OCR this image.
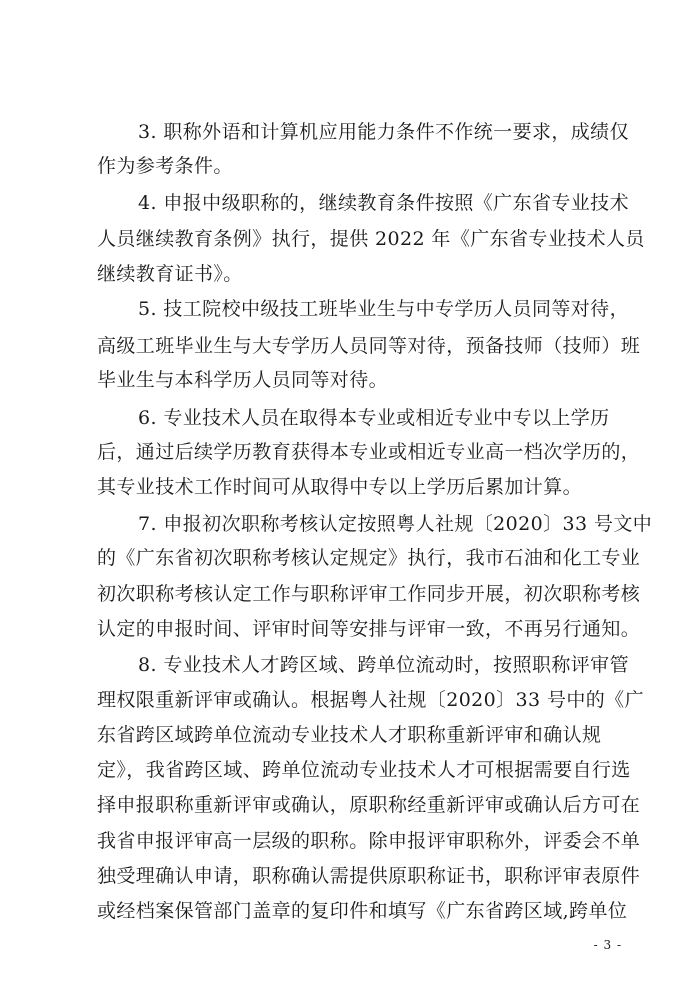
3. 职称外语和计算机应用能力条件不作统一要求，成绩仅
作为参考条件。
4. 申报中级职称的，继续教育条件按照《广东省专业技术
人员继续教育条例》执行，提供 2022 年《广东省专业技术人员
继续教育证书》。
5. 技工院校中级技工班毕业生与中专学历人员同等对待，
高级工班毕业生与大专学历人员同等对待，预备技师（技师）班
毕业生与本科学历人员同等对待。
6. 专业技术人员在取得本专业或相近专业中专以上学历
后，通过后续学历教育获得本专业或相近专业高一档次学历的，
其专业技术工作时间可从取得中专以上学历后累加计算。
7. 申报初次职称考核认定按照粤人社规〔2020〕33 号文中
的《广东省初次职称考核认定规定》执行，我市石油和化工专业
初次职称考核认定工作与职称评审工作同步开展，初次职称考核
认定的申报时间、评审时间等安排与评审一致，不再另行通知。
8. 专业技术人才跨区域、跨单位流动时，按照职称评审管
理权限重新评审或确认。根据粤人社规〔2020〕33 号中的《广
东省跨区域跨单位流动专业技术人才职称重新评审和确认规
定》，我省跨区域、跨单位流动专业技术人才可根据需要自行选
择申报职称重新评审或确认，原职称经重新评审或确认后方可在
我省申报评审高一层级的职称。除申报评审职称外，评委会不单
独受理确认申请，职称确认需提供原职称证书，职称评审表原件
或经档案保管部门盖章的复印件和填写《广东省跨区域,跨单位
- 3 -
